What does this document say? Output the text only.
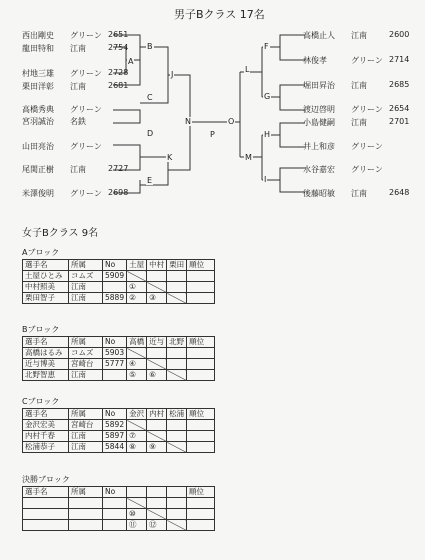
男子Bクラス 17名
西出剛史 グリーン 2651
龍田特和 江南	2754
村地三雄 グリーン 2728
栗田洋彰 江南	2681
高橋秀典 グリーン
宮羽誠治 名鉄
山田亮治 グリーン
尾関正樹 江南	2727
米澤俊明 グリーン 2698
高橋止人 江南	2600
林俊孝	グリーン 2714
堀田昇治 江南	2685
渡辺啓明 グリーン 2654
小島健嗣 江南	2701
井上和彦 グリーン
水谷嘉宏 グリーン
後藤昭敏 江南	2648
B
A
C
J
D
K
E
N
P
O
F
L
G
H
M
I
女子Bクラス 9名
Aブロック
選手名	所属	No	土屋	中村	栗田	順位
土屋ひとみ	コムズ	5909				
中村照美	江南		①			
栗田智子	江南	5889	②	③		
Bブロック
選手名	所属	No	高橋	近与	北野	順位
高橋はるみ	コムズ	5903				
近与博美	宮崎台	5777	④			
北野智恵	江南		⑤	⑥		
Cブロック
選手名	所属	No	金沢	内村	松浦	順位
金沢宏美	宮崎台	5892				
内村千春	江南	5897	⑦			
松浦恭子	江南	5844	⑧	⑨		
決勝ブロック
選手名	所属	No				順位

			⑩			
			⑪	⑫		
